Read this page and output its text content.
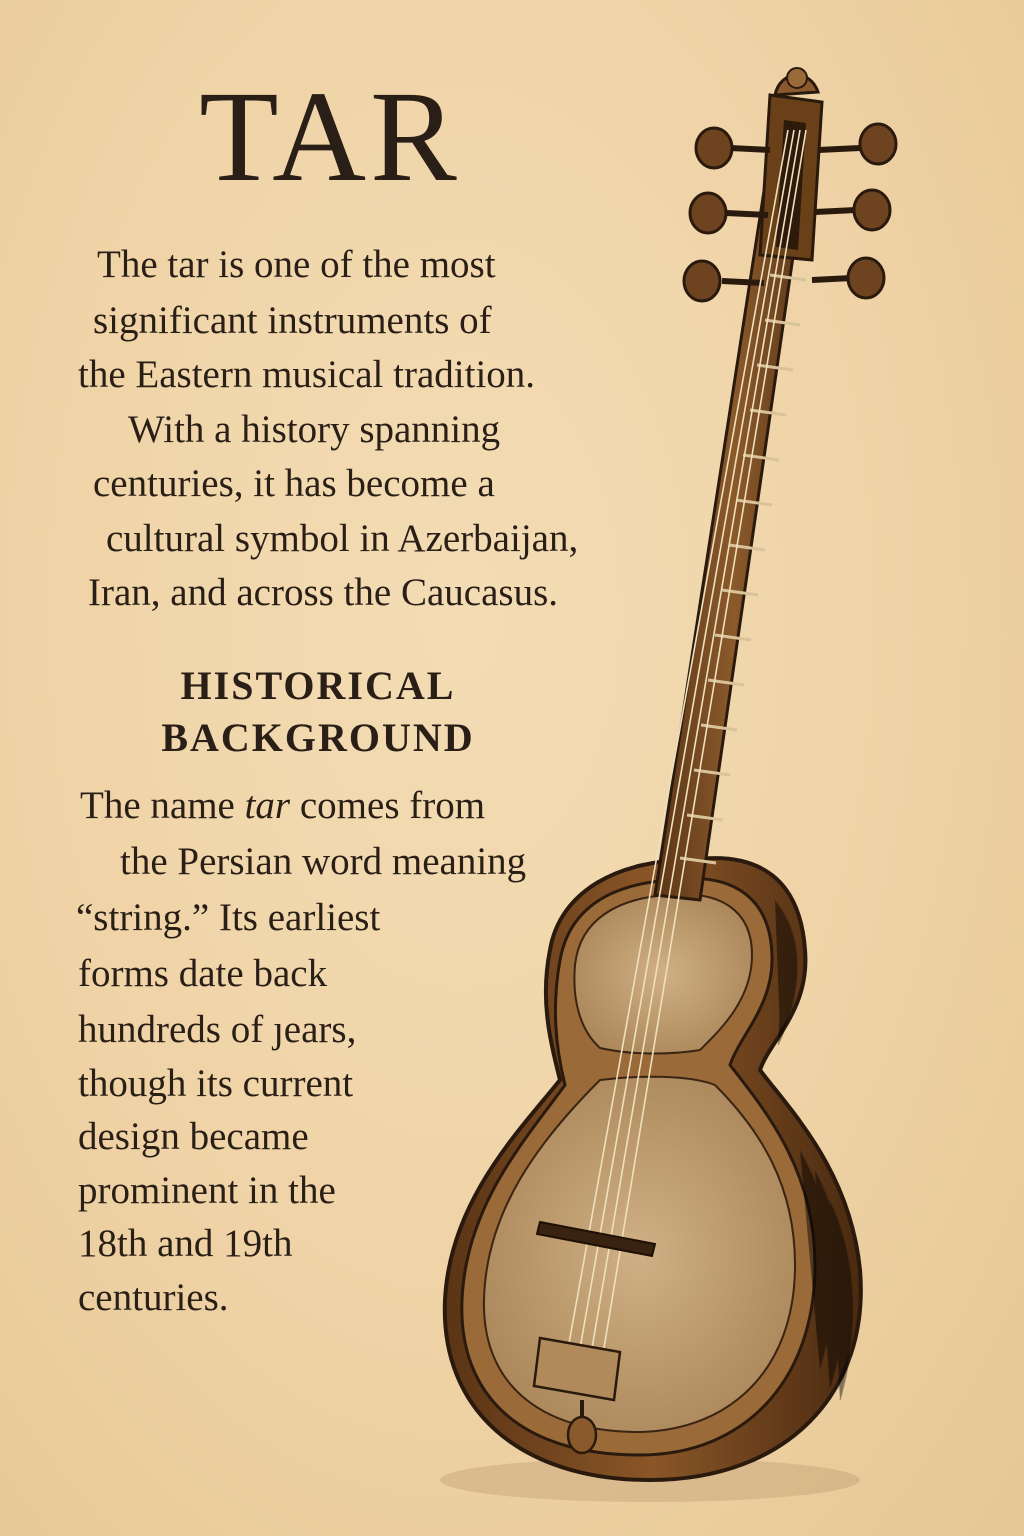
TAR
The tar is one of the most
significant instruments of
the Eastern musical tradition.
With a history spanning
centuries, it has become a
cultural symbol in Azerbaijan,
Iran, and across the Caucasus.
HISTORICAL
BACKGROUND
The name tar comes from
the Persian word meaning
“string.” Its earliest
forms date back
hundreds of ȷears,
though its current
design became
prominent in the
18th and 19th
centuries.
